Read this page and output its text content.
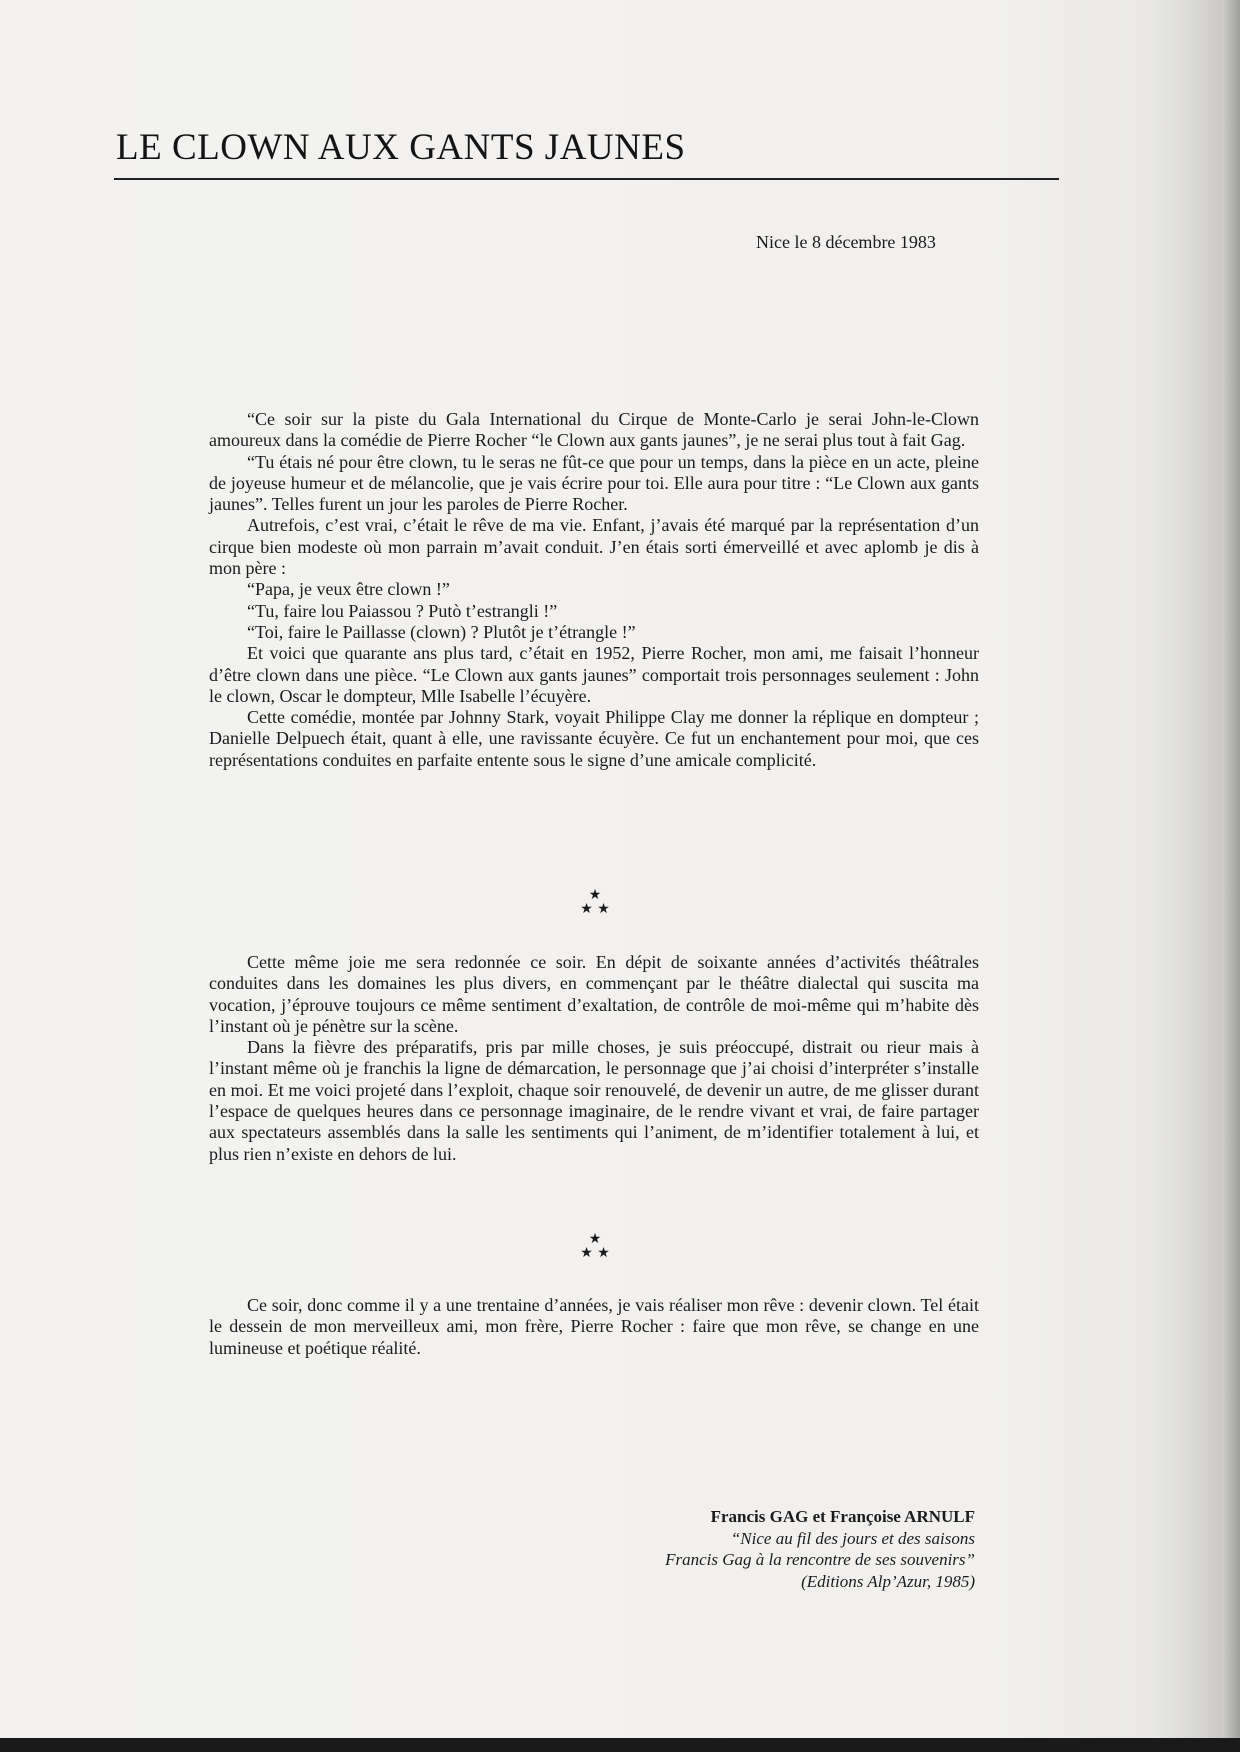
LE CLOWN AUX GANTS JAUNES
Nice le 8 décembre 1983

“Ce soir sur la piste du Gala International du Cirque de Monte-Carlo je serai John-le-Clown amoureux dans la comédie de Pierre Rocher “le Clown aux gants jaunes”, je ne serai plus tout à fait Gag.

“Tu étais né pour être clown, tu le seras ne fût-ce que pour un temps, dans la pièce en un acte, pleine de joyeuse humeur et de mélancolie, que je vais écrire pour toi. Elle aura pour titre : “Le Clown aux gants jaunes”. Telles furent un jour les paroles de Pierre Rocher.

Autrefois, c’est vrai, c’était le rêve de ma vie. Enfant, j’avais été marqué par la représentation d’un cirque bien modeste où mon parrain m’avait conduit. J’en étais sorti émerveillé et avec aplomb je dis à mon père :

“Papa, je veux être clown !”

“Tu, faire lou Paiassou ? Putò t’estrangli !”

“Toi, faire le Paillasse (clown) ? Plutôt je t’étrangle !”

Et voici que quarante ans plus tard, c’était en 1952, Pierre Rocher, mon ami, me faisait l’honneur d’être clown dans une pièce. “Le Clown aux gants jaunes” comportait trois personnages seulement : John le clown, Oscar le dompteur, Mlle Isabelle l’écuyère.

Cette comédie, montée par Johnny Stark, voyait Philippe Clay me donner la réplique en dompteur ; Danielle Delpuech était, quant à elle, une ravissante écuyère. Ce fut un enchantement pour moi, que ces représentations conduites en parfaite entente sous le signe d’une amicale complicité.

★
★ ★

Cette même joie me sera redonnée ce soir. En dépit de soixante années d’activités théâtrales conduites dans les domaines les plus divers, en commençant par le théâtre dialectal qui suscita ma vocation, j’éprouve toujours ce même sentiment d’exaltation, de contrôle de moi-même qui m’habite dès l’instant où je pénètre sur la scène.

Dans la fièvre des préparatifs, pris par mille choses, je suis préoccupé, distrait ou rieur mais à l’instant même où je franchis la ligne de démarcation, le personnage que j’ai choisi d’interpréter s’installe en moi. Et me voici projeté dans l’exploit, chaque soir renouvelé, de devenir un autre, de me glisser durant l’espace de quelques heures dans ce personnage imaginaire, de le rendre vivant et vrai, de faire partager aux spectateurs assemblés dans la salle les sentiments qui l’animent, de m’identifier totalement à lui, et plus rien n’existe en dehors de lui.

★
★ ★

Ce soir, donc comme il y a une trentaine d’années, je vais réaliser mon rêve : devenir clown. Tel était le dessein de mon merveilleux ami, mon frère, Pierre Rocher : faire que mon rêve, se change en une lumineuse et poétique réalité.

Francis GAG et Françoise ARNULF
“Nice au fil des jours et des saisons
Francis Gag à la rencontre de ses souvenirs”
(Editions Alp’Azur, 1985)
